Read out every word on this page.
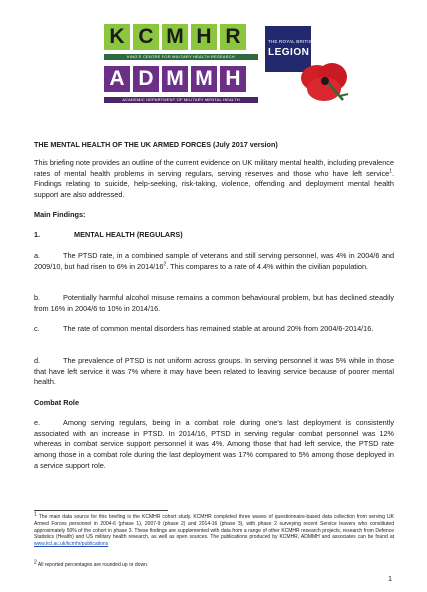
K C M H R
KING'S CENTRE FOR MILITARY HEALTH RESEARCH
A D M M H
ACADEMIC DEPARTMENT OF MILITARY MENTAL HEALTH
THE ROYAL BRITISH
LEGION

THE MENTAL HEALTH OF THE UK ARMED FORCES (July 2017 version)

This briefing note provides an outline of the current evidence on UK military mental health, including prevalence rates of mental health problems in serving regulars, serving reserves and those who have left service$^1$. Findings relating to suicide, help-seeking, risk-taking, violence, offending and deployment mental health support are also addressed.

Main Findings:

1.	MENTAL HEALTH (REGULARS)

a.	The PTSD rate, in a combined sample of veterans and still serving personnel, was 4% in 2004/6 and 2009/10, but had risen to 6% in $2014/16^2$. This compares to a rate of 4.4% within the civilian population.

b.	Potentially harmful alcohol misuse remains a common behavioural problem, but has declined steadily from 16% in 2004/6 to 10% in 2014/16.

c.	The rate of common mental disorders has remained stable at around 20% from 2004/6-2014/16.

d.	The prevalence of PTSD is not uniform across groups. In serving personnel it was 5% while in those that have left service it was 7% where it may have been related to leaving service because of poorer mental health.

Combat Role

e.	Among serving regulars, being in a combat role during one's last deployment is consistently associated with an increase in PTSD. In 2014/16, PTSD in serving regular combat personnel was 12% whereas in combat service support personnel it was 4%. Among those that had left service, the PTSD rate among those in a combat role during the last deployment was 17% compared to 5% among those deployed in a service support role.

$^1$ The main data source for this briefing is the KCMHR cohort study. KCMHR completed three waves of questionnaire-based data collection from serving UK Armed Forces personnel in 2004-6 (phase 1), 2007-9 (phase 2) and 2014-16 (phase 3), with phase 2 surveying recent Service leavers who constituted approximately 50% of the cohort in phase 3. These findings are supplemented with data from a range of other KCMHR research projects, research from Defence Statistics (Health) and US military health research, as well as open sources. The publications produced by KCMHR, ADMMH and associates can be found at www.kcl.ac.uk/kcmhr/publications

$^2$ All reported percentages are rounded up or down.

1
